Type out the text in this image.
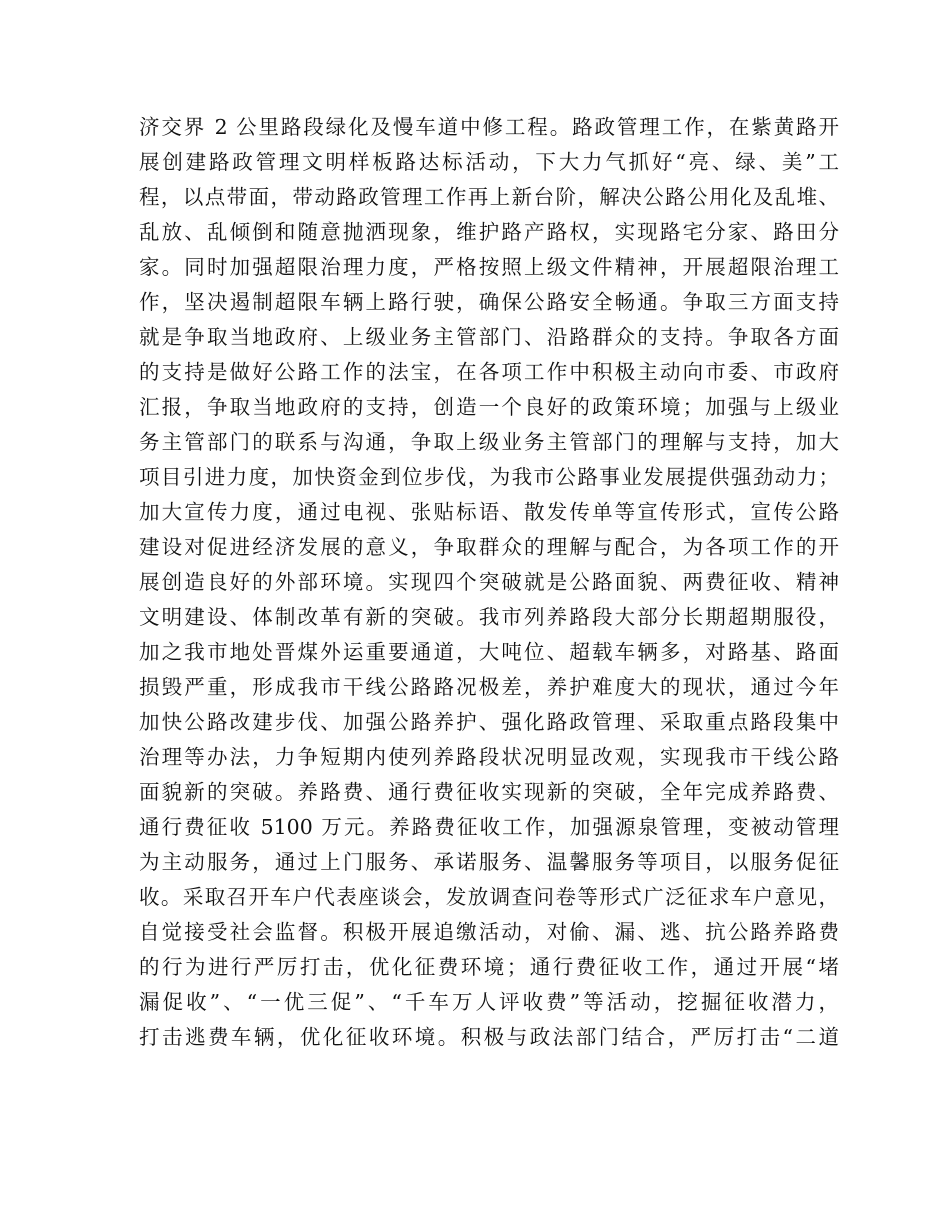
济交界 2 公里路段绿化及慢车道中修工程。路政管理工作，在紫黄路开
展创建路政管理文明样板路达标活动，下大力气抓好“亮、绿、美”工
程，以点带面，带动路政管理工作再上新台阶，解决公路公用化及乱堆、
乱放、乱倾倒和随意抛洒现象，维护路产路权，实现路宅分家、路田分
家。同时加强超限治理力度，严格按照上级文件精神，开展超限治理工
作，坚决遏制超限车辆上路行驶，确保公路安全畅通。争取三方面支持
就是争取当地政府、上级业务主管部门、沿路群众的支持。争取各方面
的支持是做好公路工作的法宝，在各项工作中积极主动向市委、市政府
汇报，争取当地政府的支持，创造一个良好的政策环境；加强与上级业
务主管部门的联系与沟通，争取上级业务主管部门的理解与支持，加大
项目引进力度，加快资金到位步伐，为我市公路事业发展提供强劲动力；
加大宣传力度，通过电视、张贴标语、散发传单等宣传形式，宣传公路
建设对促进经济发展的意义，争取群众的理解与配合，为各项工作的开
展创造良好的外部环境。实现四个突破就是公路面貌、两费征收、精神
文明建设、体制改革有新的突破。我市列养路段大部分长期超期服役，
加之我市地处晋煤外运重要通道，大吨位、超载车辆多，对路基、路面
损毁严重，形成我市干线公路路况极差，养护难度大的现状，通过今年
加快公路改建步伐、加强公路养护、强化路政管理、采取重点路段集中
治理等办法，力争短期内使列养路段状况明显改观，实现我市干线公路
面貌新的突破。养路费、通行费征收实现新的突破，全年完成养路费、
通行费征收 5100 万元。养路费征收工作，加强源泉管理，变被动管理
为主动服务，通过上门服务、承诺服务、温馨服务等项目，以服务促征
收。采取召开车户代表座谈会，发放调查问卷等形式广泛征求车户意见，
自觉接受社会监督。积极开展追缴活动，对偷、漏、逃、抗公路养路费
的行为进行严厉打击，优化征费环境；通行费征收工作，通过开展“堵
漏促收”、“一优三促”、“千车万人评收费”等活动，挖掘征收潜力，
打击逃费车辆，优化征收环境。积极与政法部门结合，严厉打击“二道
